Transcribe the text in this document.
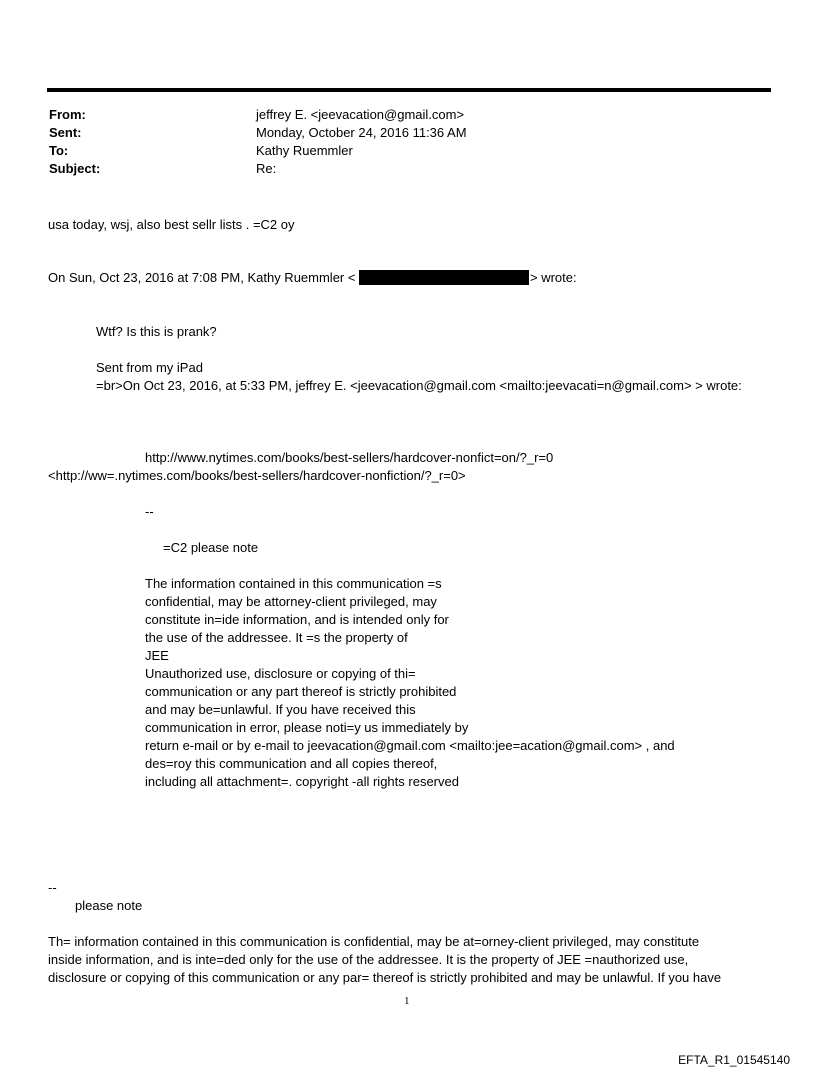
From:	jeffrey E. <jeevacation@gmail.com>
Sent:	Monday, October 24, 2016 11:36 AM
To:	Kathy Ruemmler
Subject:	Re:
usa today, wsj, also best sellr lists . =C2 oy
On Sun, Oct 23, 2016 at 7:08 PM, Kathy Ruemmler <	> wrote:
Wtf? Is this is prank?
Sent from my iPad
=br>On Oct 23, 2016, at 5:33 PM, jeffrey E. <jeevacation@gmail.com <mailto:jeevacati=n@gmail.com> > wrote:
http://www.nytimes.com/books/best-sellers/hardcover-nonfict=on/?_r=0
<http://ww=.nytimes.com/books/best-sellers/hardcover-nonfiction/?_r=0>
--
=C2 please note
The information contained in this communication =s
confidential, may be attorney-client privileged, may
constitute in=ide information, and is intended only for
the use of the addressee. It =s the property of
JEE
Unauthorized use, disclosure or copying of thi=
communication or any part thereof is strictly prohibited
and may be=unlawful. If you have received this
communication in error, please noti=y us immediately by
return e-mail or by e-mail to jeevacation@gmail.com <mailto:jee=acation@gmail.com> , and
des=roy this communication and all copies thereof,
including all attachment=. copyright -all rights reserved
--
please note
Th= information contained in this communication is confidential, may be at=orney-client privileged, may constitute
inside information, and is inte=ded only for the use of the addressee. It is the property of JEE =nauthorized use,
disclosure or copying of this communication or any par= thereof is strictly prohibited and may be unlawful. If you have
1
EFTA_R1_01545140
